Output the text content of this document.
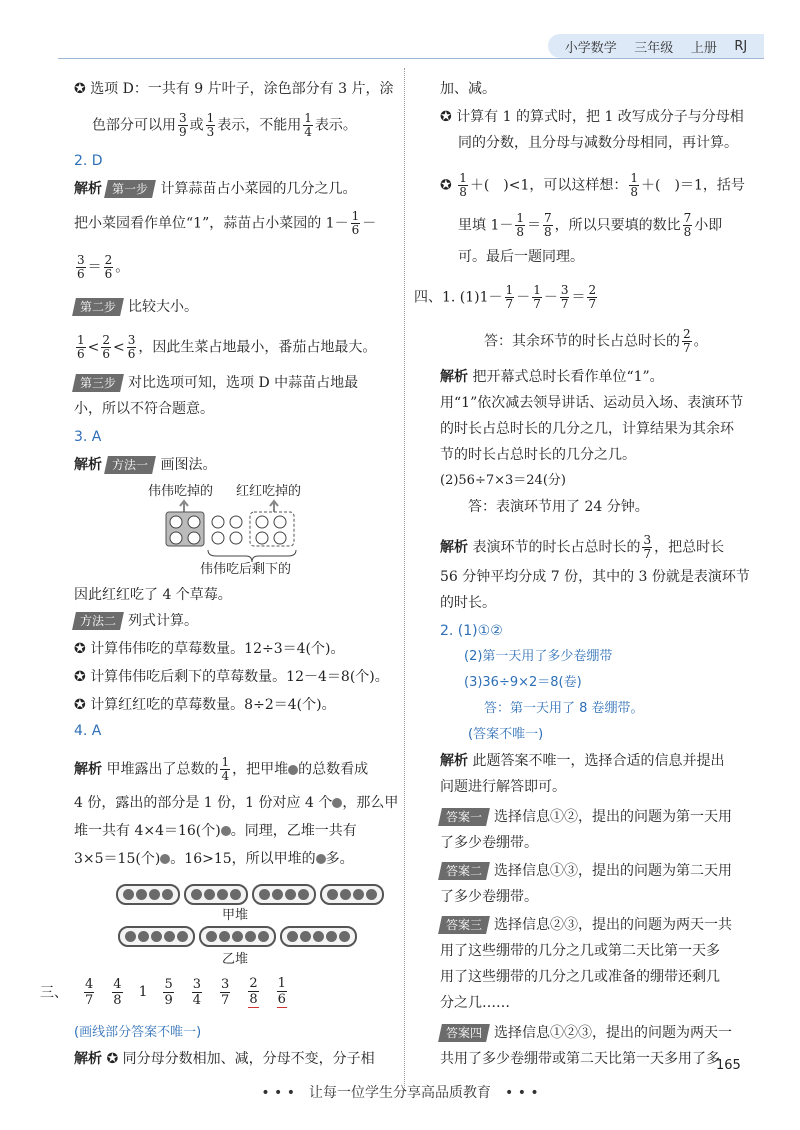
小学数学 三年级 上册 RJ
✪ 选项 D：一共有 9 片叶子，涂色部分有 3 片，涂
色部分可以用 $\frac{3}{9}$ 或 $\frac{1}{3}$ 表示，不能用 $\frac{1}{4}$ 表示。
2. D
解析 第一步 计算蒜苗占小菜园的几分之几。
把小菜园看作单位“1”，蒜苗占小菜园的 $1- \frac{1}{6}$ －
$\frac{3}{6} = \frac{2}{6}$ 。
第二步 比较大小。
$\frac{1}{6} < \frac{2}{6} < \frac{3}{6}$ ，因此生菜占地最小，番茄占地最大。
第三步 对比选项可知，选项 D 中蒜苗占地最
小，所以不符合题意。
3. A
解析 方法一 画图法。
伟伟吃掉的 红红吃掉的
伟伟吃后剩下的
因此红红吃了 4 个草莓。
方法二 列式计算。
✪ 计算伟伟吃的草莓数量。12÷3＝4(个)。
✪ 计算伟伟吃后剩下的草莓数量。12－4＝8(个)。
✪ 计算红红吃的草莓数量。8÷2＝4(个)。
4. A
解析 甲堆露出了总数的 $\frac{1}{4}$ ，把甲堆 的总数看成
4 份，露出的部分是 1 份，1 份对应 4 个 ，那么甲
堆一共有 4×4＝16(个) 。同理，乙堆一共有
3×5＝15(个) 。16>15，所以甲堆的 多。
甲堆
乙堆
三、 $\frac{4}{7} \frac{4}{8} 1 \frac{5}{9} \frac{3}{4} \frac{3}{7} \frac{2}{8} \frac{1}{6}$
(画线部分答案不唯一)
解析 ✪ 同分母分数相加、减，分母不变，分子相
加、减。
✪ 计算有 1 的算式时，把 1 改写成分子与分母相
同的分数，且分母与减数分母相同，再计算。
✪ $\frac{1}{8}$ ＋(　)<1，可以这样想： $\frac{1}{8}$ ＋(　)＝1，括号
里填 $1- \frac{1}{8} = \frac{7}{8}$ ，所以只要填的数比 $\frac{7}{8}$ 小即
可。最后一题同理。
四、1. $(1)1- \frac{1}{7} - \frac{1}{7} - \frac{3}{7} = \frac{2}{7}$
答：其余环节的时长占总时长的 $\frac{2}{7}$ 。
解析 把开幕式总时长看作单位“1”。
用“1”依次减去领导讲话、运动员入场、表演环节
的时长占总时长的几分之几，计算结果为其余环
节的时长占总时长的几分之几。
(2)56÷7×3＝24(分)
答：表演环节用了 24 分钟。
解析 表演环节的时长占总时长的 $\frac{3}{7}$ ，把总时长
56 分钟平均分成 7 份，其中的 3 份就是表演环节
的时长。
2. (1)①②
(2)第一天用了多少卷绷带
(3)36÷9×2＝8(卷)
答：第一天用了 8 卷绷带。
(答案不唯一)
解析 此题答案不唯一，选择合适的信息并提出
问题进行解答即可。
答案一 选择信息①②，提出的问题为第一天用
了多少卷绷带。
答案二 选择信息①③，提出的问题为第二天用
了多少卷绷带。
答案三 选择信息②③，提出的问题为两天一共
用了这些绷带的几分之几或第二天比第一天多
用了这些绷带的几分之几或准备的绷带还剩几
分之几……
答案四 选择信息①②③，提出的问题为两天一
共用了多少卷绷带或第二天比第一天多用了多
165
• • •　让每一位学生分享高品质教育　• • •
